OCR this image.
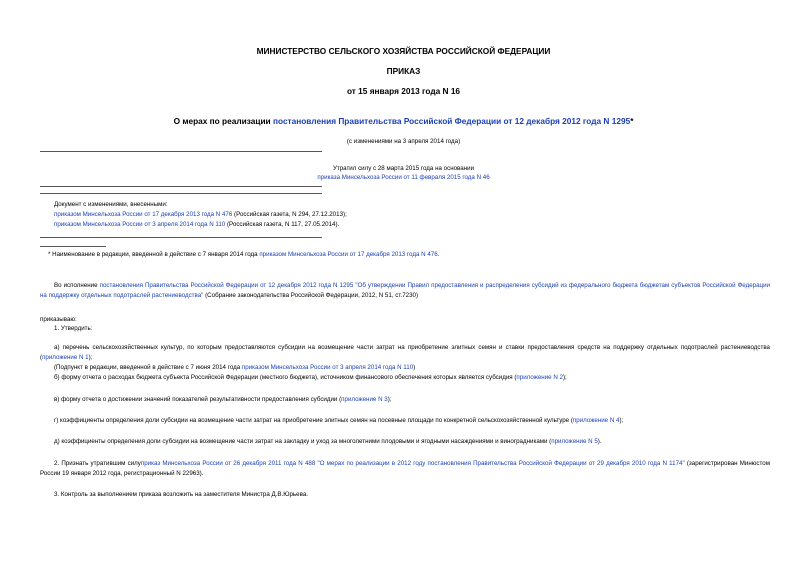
МИНИСТЕРСТВО СЕЛЬСКОГО ХОЗЯЙСТВА РОССИЙСКОЙ ФЕДЕРАЦИИ
ПРИКАЗ
от 15 января 2013 года N 16
О мерах по реализации постановления Правительства Российской Федерации от 12 декабря 2012 года N 1295*
(с изменениями на 3 апреля 2014 года)
Утратил силу с 28 марта 2015 года на основании
приказа Минсельхоза России от 11 февраля 2015 года N 46
Документ с изменениями, внесенными:
приказом Минсельхоза России от 17 декабря 2013 года N 476 (Российская газета, N 294, 27.12.2013);
приказом Минсельхоза России от 3 апреля 2014 года N 110 (Российская газета, N 117, 27.05.2014).
* Наименование в редакции, введенной в действие с 7 января 2014 года приказом Минсельхоза России от 17 декабря 2013 года N 476.
Во исполнение постановления Правительства Российской Федерации от 12 декабря 2012 года N 1295 "Об утверждении Правил предоставления и распределения субсидий из федерального бюджета бюджетам субъектов Российской Федерации на поддержку отдельных подотраслей растениеводства" (Собрание законодательства Российской Федерации, 2012, N 51, ст.7230)
приказываю:
1. Утвердить:
а) перечень сельскохозяйственных культур, по которым предоставляются субсидии на возмещение части затрат на приобретение элитных семян и ставки предоставления средств на поддержку отдельных подотраслей растениеводства (приложение N 1);
(Подпункт в редакции, введенной в действие с 7 июня 2014 года приказом Минсельхоза России от 3 апреля 2014 года N 110)
б) форму отчета о расходах бюджета субъекта Российской Федерации (местного бюджета), источником финансового обеспечения которых является субсидия (приложение N 2);
в) форму отчета о достижении значений показателей результативности предоставления субсидии (приложение N 3);
г) коэффициенты определения доли субсидии на возмещение части затрат на приобретение элитных семян на посевные площади по конкретной сельскохозяйственной культуре (приложение N 4);
д) коэффициенты определения доли субсидии на возмещение части затрат на закладку и уход за многолетними плодовыми и ягодными насаждениями и виноградниками (приложение N 5).
2. Признать утратившим силуприказ Минсельхоза России от 26 декабря 2011 года N 488 "О мерах по реализации в 2012 году постановления Правительства Российской Федерации от 29 декабря 2010 года N 1174" (зарегистрирован Минюстом России 19 января 2012 года, регистрационный N 22963).
3. Контроль за выполнением приказа возложить на заместителя Министра Д.В.Юрьева.
